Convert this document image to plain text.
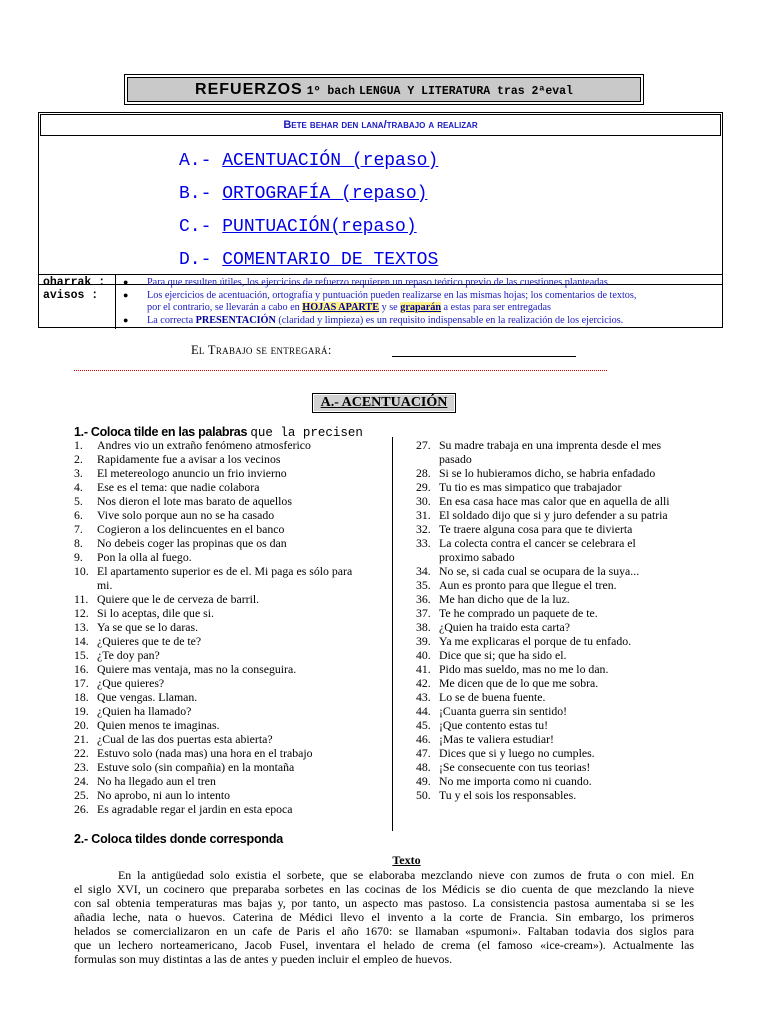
REFUERZOS 1º bach LENGUA Y LITERATURA tras 2ªeval
Bete behar den lana/trabajo a realizar
A.- ACENTUACIÓN (repaso)
B.- ORTOGRAFÍA (repaso)
C.- PUNTUACIÓN(repaso)
D.- COMENTARIO DE TEXTOS
oharrak :
avisos :
● Para que resulten útiles, los ejercicios de refuerzo requieren un repaso teórico previo de las cuestiones planteadas
● Los ejercicios de acentuación, ortografía y puntuación pueden realizarse en las mismas hojas; los comentarios de textos,
por el contrario, se llevarán a cabo en HOJAS APARTE y se graparán a estas para ser entregadas
● La correcta PRESENTACIÓN (claridad y limpieza) es un requisito indispensable en la realización de los ejercicios.
El Trabajo se entregará:
A.- ACENTUACIÓN
1.- Coloca tilde en las palabras que la precisen
1. Andres vio un extraño fenómeno atmosferico
2. Rapidamente fue a avisar a los vecinos
3. El metereologo anuncio un frio invierno
4. Ese es el tema: que nadie colabora
5. Nos dieron el lote mas barato de aquellos
6. Vive solo porque aun no se ha casado
7. Cogieron a los delincuentes en el banco
8. No debeis coger las propinas que os dan
9. Pon la olla al fuego.
10. El apartamento superior es de el. Mi paga es sólo para
mi.
11. Quiere que le de cerveza de barril.
12. Si lo aceptas, dile que si.
13. Ya se que se lo daras.
14. ¿Quieres que te de te?
15. ¿Te doy pan?
16. Quiere mas ventaja, mas no la conseguira.
17. ¿Que quieres?
18. Que vengas. Llaman.
19. ¿Quien ha llamado?
20. Quien menos te imaginas.
21. ¿Cual de las dos puertas esta abierta?
22. Estuvo solo (nada mas) una hora en el trabajo
23. Estuve solo (sin compañia) en la montaña
24. No ha llegado aun el tren
25. No aprobo, ni aun lo intento
26. Es agradable regar el jardin en esta epoca
27. Su madre trabaja en una imprenta desde el mes
pasado
28. Si se lo hubieramos dicho, se habria enfadado
29. Tu tio es mas simpatico que trabajador
30. En esa casa hace mas calor que en aquella de alli
31. El soldado dijo que si y juro defender a su patria
32. Te traere alguna cosa para que te divierta
33. La colecta contra el cancer se celebrara el
proximo sabado
34. No se, si cada cual se ocupara de la suya...
35. Aun es pronto para que llegue el tren.
36. Me han dicho que de la luz.
37. Te he comprado un paquete de te.
38. ¿Quien ha traido esta carta?
39. Ya me explicaras el porque de tu enfado.
40. Dice que si; que ha sido el.
41. Pido mas sueldo, mas no me lo dan.
42. Me dicen que de lo que me sobra.
43. Lo se de buena fuente.
44. ¡Cuanta guerra sin sentido!
45. ¡Que contento estas tu!
46. ¡Mas te valiera estudiar!
47. Dices que si y luego no cumples.
48. ¡Se consecuente con tus teorias!
49. No me importa como ni cuando.
50. Tu y el sois los responsables.
2.- Coloca tildes donde corresponda
Texto
En la antigüedad solo existia el sorbete, que se elaboraba mezclando nieve con zumos de fruta o con miel. En
el siglo XVI, un cocinero que preparaba sorbetes en las cocinas de los Médicis se dio cuenta de que mezclando la nieve
con sal obtenia temperaturas mas bajas y, por tanto, un aspecto mas pastoso. La consistencia pastosa aumentaba si se les
añadia leche, nata o huevos. Caterina de Médici llevo el invento a la corte de Francia. Sin embargo, los primeros
helados se comercializaron en un cafe de Paris el año 1670: se llamaban «spumoni». Faltaban todavia dos siglos para
que un lechero norteamericano, Jacob Fusel, inventara el helado de crema (el famoso «ice-cream»). Actualmente las
formulas son muy distintas a las de antes y pueden incluir el empleo de huevos.
